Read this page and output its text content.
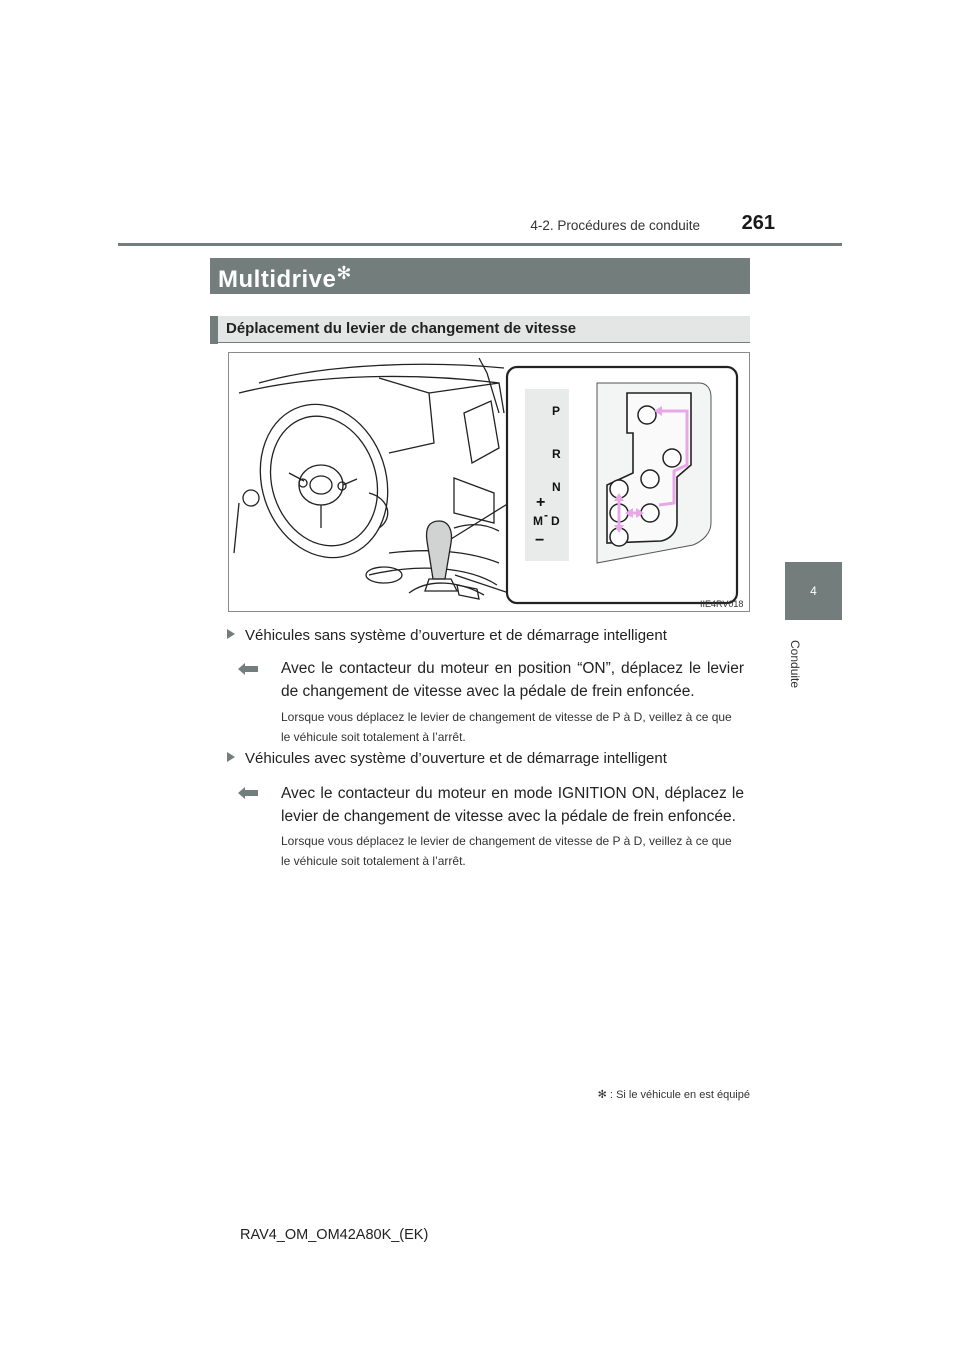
4-2. Procédures de conduite	261
4
Conduite
Multidrive✻
Déplacement du levier de changement de vitesse
P
R
N
+
M - D
−
IIE4RV018
Véhicules sans système d’ouverture et de démarrage intelligent
Avec le contacteur du moteur en position “ON”, déplacez le levier de changement de vitesse avec la pédale de frein enfoncée.
Lorsque vous déplacez le levier de changement de vitesse de P à D, veillez à ce que le véhicule soit totalement à l’arrêt.
Véhicules avec système d’ouverture et de démarrage intelligent
Avec le contacteur du moteur en mode IGNITION ON, déplacez le levier de changement de vitesse avec la pédale de frein enfoncée.
Lorsque vous déplacez le levier de changement de vitesse de P à D, veillez à ce que le véhicule soit totalement à l’arrêt.
✻ : Si le véhicule en est équipé
RAV4_OM_OM42A80K_(EK)
